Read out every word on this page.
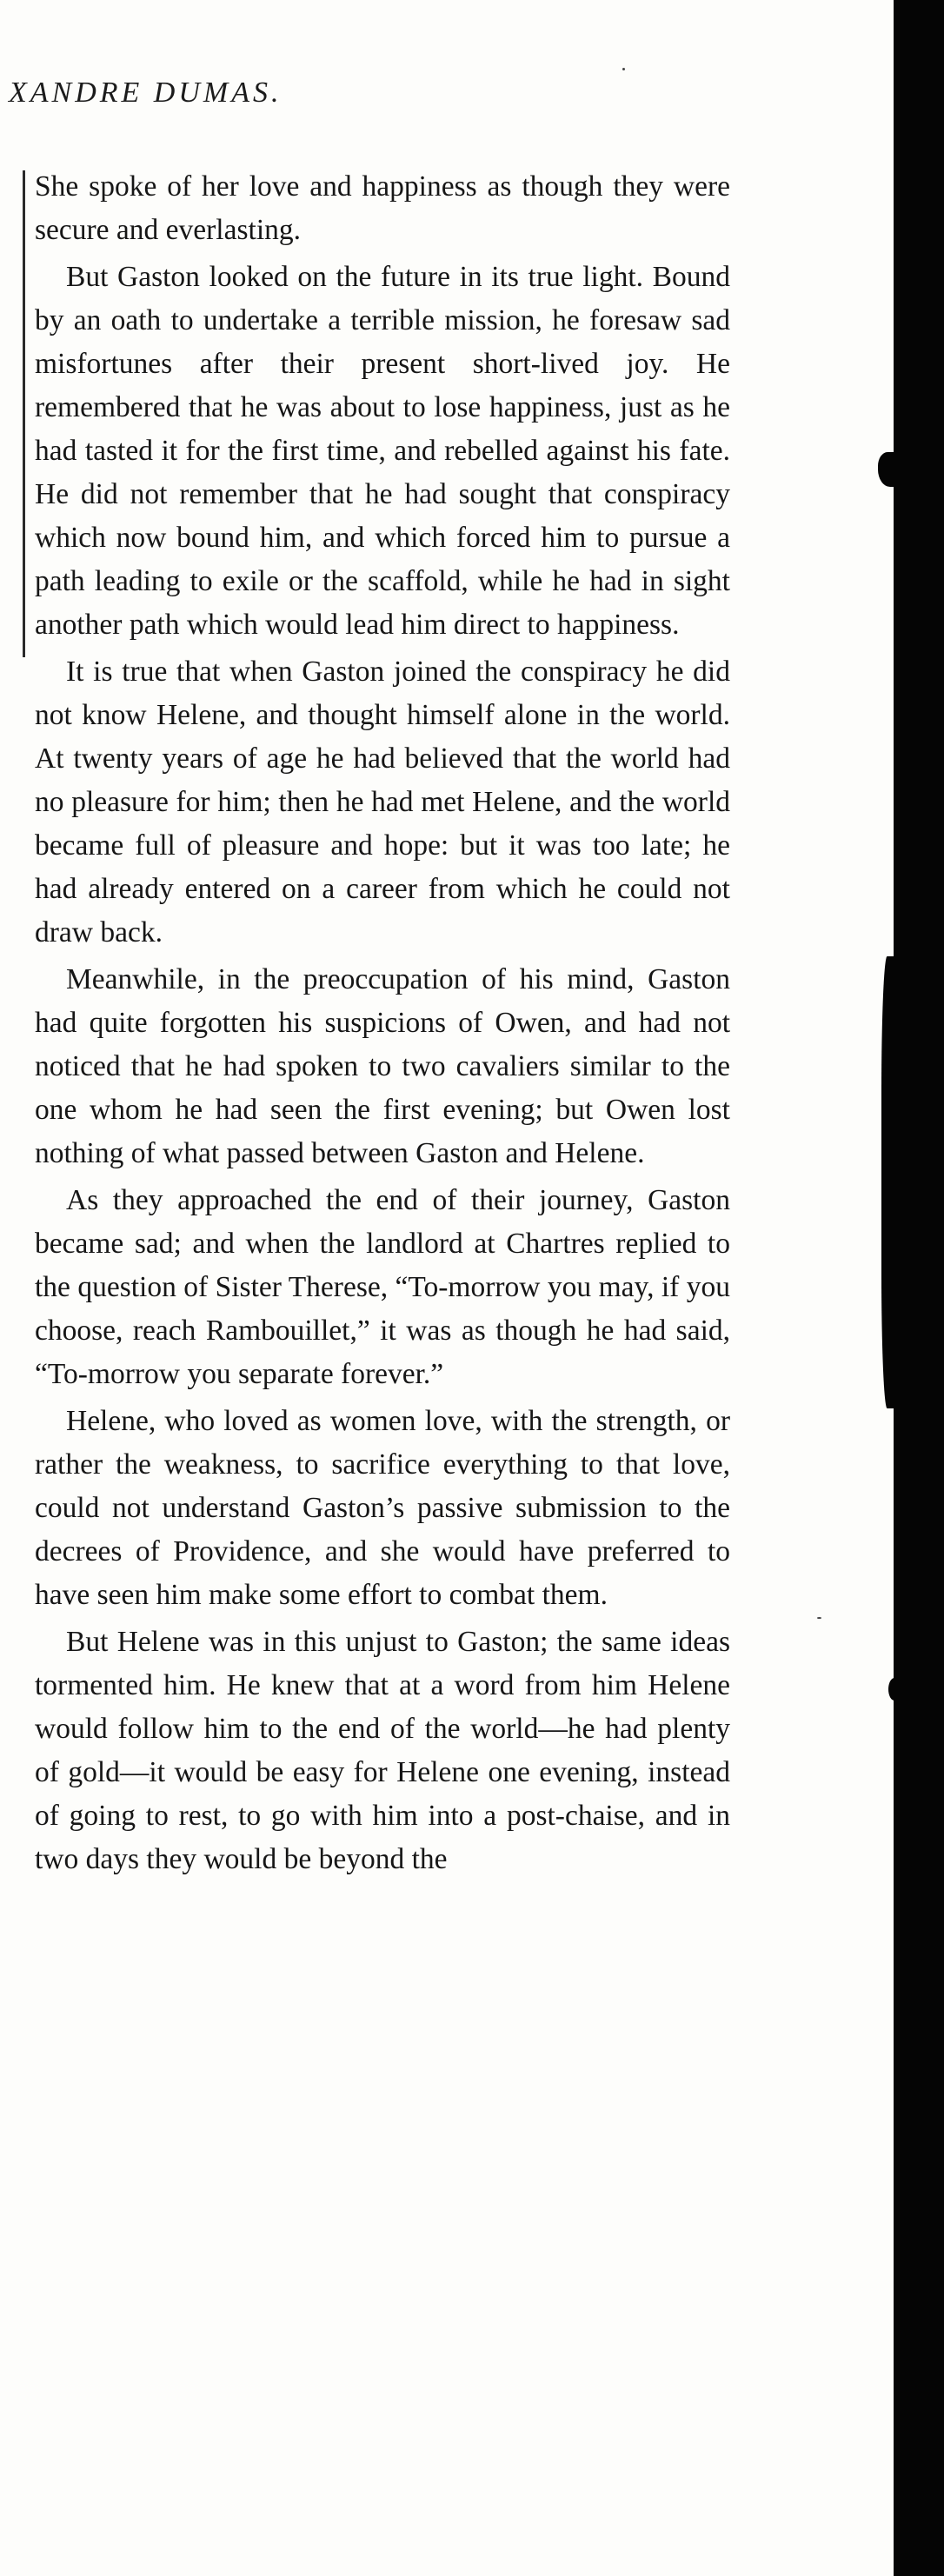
XANDRE DUMAS.

She spoke of her love and happiness as though they were secure and everlasting.

But Gaston looked on the future in its true light. Bound by an oath to undertake a terrible mission, he foresaw sad misfortunes after their present short-lived joy. He remembered that he was about to lose happiness, just as he had tasted it for the first time, and rebelled against his fate. He did not remember that he had sought that conspiracy which now bound him, and which forced him to pursue a path leading to exile or the scaffold, while he had in sight another path which would lead him direct to happiness.

It is true that when Gaston joined the conspiracy he did not know Helene, and thought himself alone in the world. At twenty years of age he had believed that the world had no pleasure for him; then he had met Helene, and the world became full of pleasure and hope: but it was too late; he had already entered on a career from which he could not draw back.

Meanwhile, in the preoccupation of his mind, Gaston had quite forgotten his suspicions of Owen, and had not noticed that he had spoken to two cavaliers similar to the one whom he had seen the first evening; but Owen lost nothing of what passed between Gaston and Helene.

As they approached the end of their journey, Gaston became sad; and when the landlord at Chartres replied to the question of Sister Therese, “To-morrow you may, if you choose, reach Rambouillet,” it was as though he had said, “To-morrow you separate forever.”

Helene, who loved as women love, with the strength, or rather the weakness, to sacrifice everything to that love, could not understand Gaston’s passive submission to the decrees of Providence, and she would have preferred to have seen him make some effort to combat them.

But Helene was in this unjust to Gaston; the same ideas tormented him. He knew that at a word from him Helene would follow him to the end of the world—he had plenty of gold—it would be easy for Helene one evening, instead of going to rest, to go with him into a post-chaise, and in two days they would be beyond the
